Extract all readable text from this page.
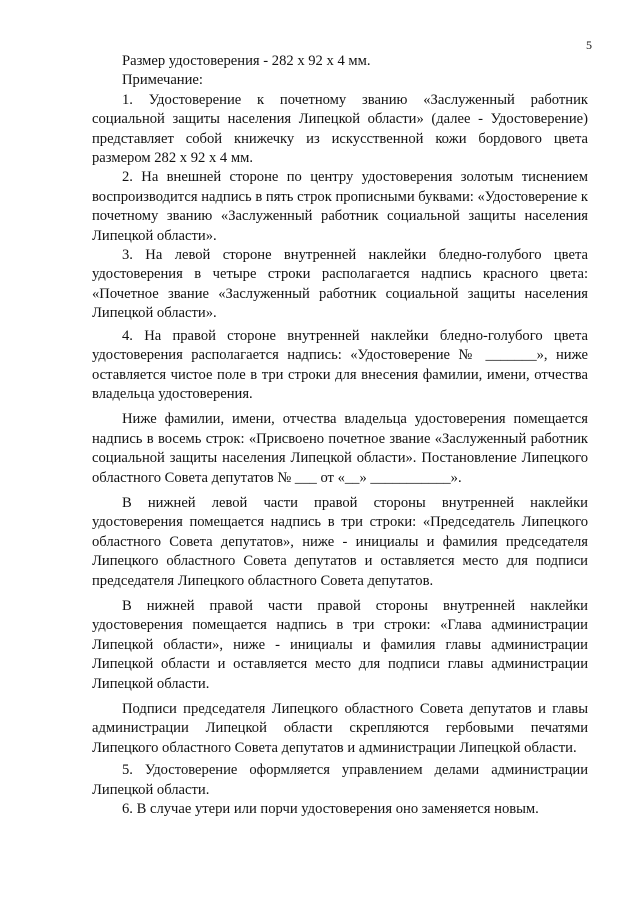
5

Размер удостоверения - 282 х 92 х 4 мм.

Примечание:

1. Удостоверение к почетному званию «Заслуженный работник социальной защиты населения Липецкой области» (далее - Удостоверение) представляет собой книжечку из искусственной кожи бордового цвета размером 282 х 92 х 4 мм.

2. На внешней стороне по центру удостоверения золотым тиснением воспроизводится надпись в пять строк прописными буквами: «Удостоверение к почетному званию «Заслуженный работник социальной защиты населения Липецкой области».

3. На левой стороне внутренней наклейки бледно-голубого цвета удостоверения в четыре строки располагается надпись красного цвета: «Почетное звание «Заслуженный работник социальной защиты населения Липецкой области».

4. На правой стороне внутренней наклейки бледно-голубого цвета удостоверения располагается надпись: «Удостоверение № _______», ниже оставляется чистое поле в три строки для внесения фамилии, имени, отчества владельца удостоверения.

Ниже фамилии, имени, отчества владельца удостоверения помещается надпись в восемь строк: «Присвоено почетное звание «Заслуженный работник социальной защиты населения Липецкой области». Постановление Липецкого областного Совета депутатов № ___ от «__» ___________».

В нижней левой части правой стороны внутренней наклейки удостоверения помещается надпись в три строки: «Председатель Липецкого областного Совета депутатов», ниже - инициалы и фамилия председателя Липецкого областного Совета депутатов и оставляется место для подписи председателя Липецкого областного Совета депутатов.

В нижней правой части правой стороны внутренней наклейки удостоверения помещается надпись в три строки: «Глава администрации Липецкой области», ниже - инициалы и фамилия главы администрации Липецкой области и оставляется место для подписи главы администрации Липецкой области.

Подписи председателя Липецкого областного Совета депутатов и главы администрации Липецкой области скрепляются гербовыми печатями Липецкого областного Совета депутатов и администрации Липецкой области.

5. Удостоверение оформляется управлением делами администрации Липецкой области.

6. В случае утери или порчи удостоверения оно заменяется новым.
